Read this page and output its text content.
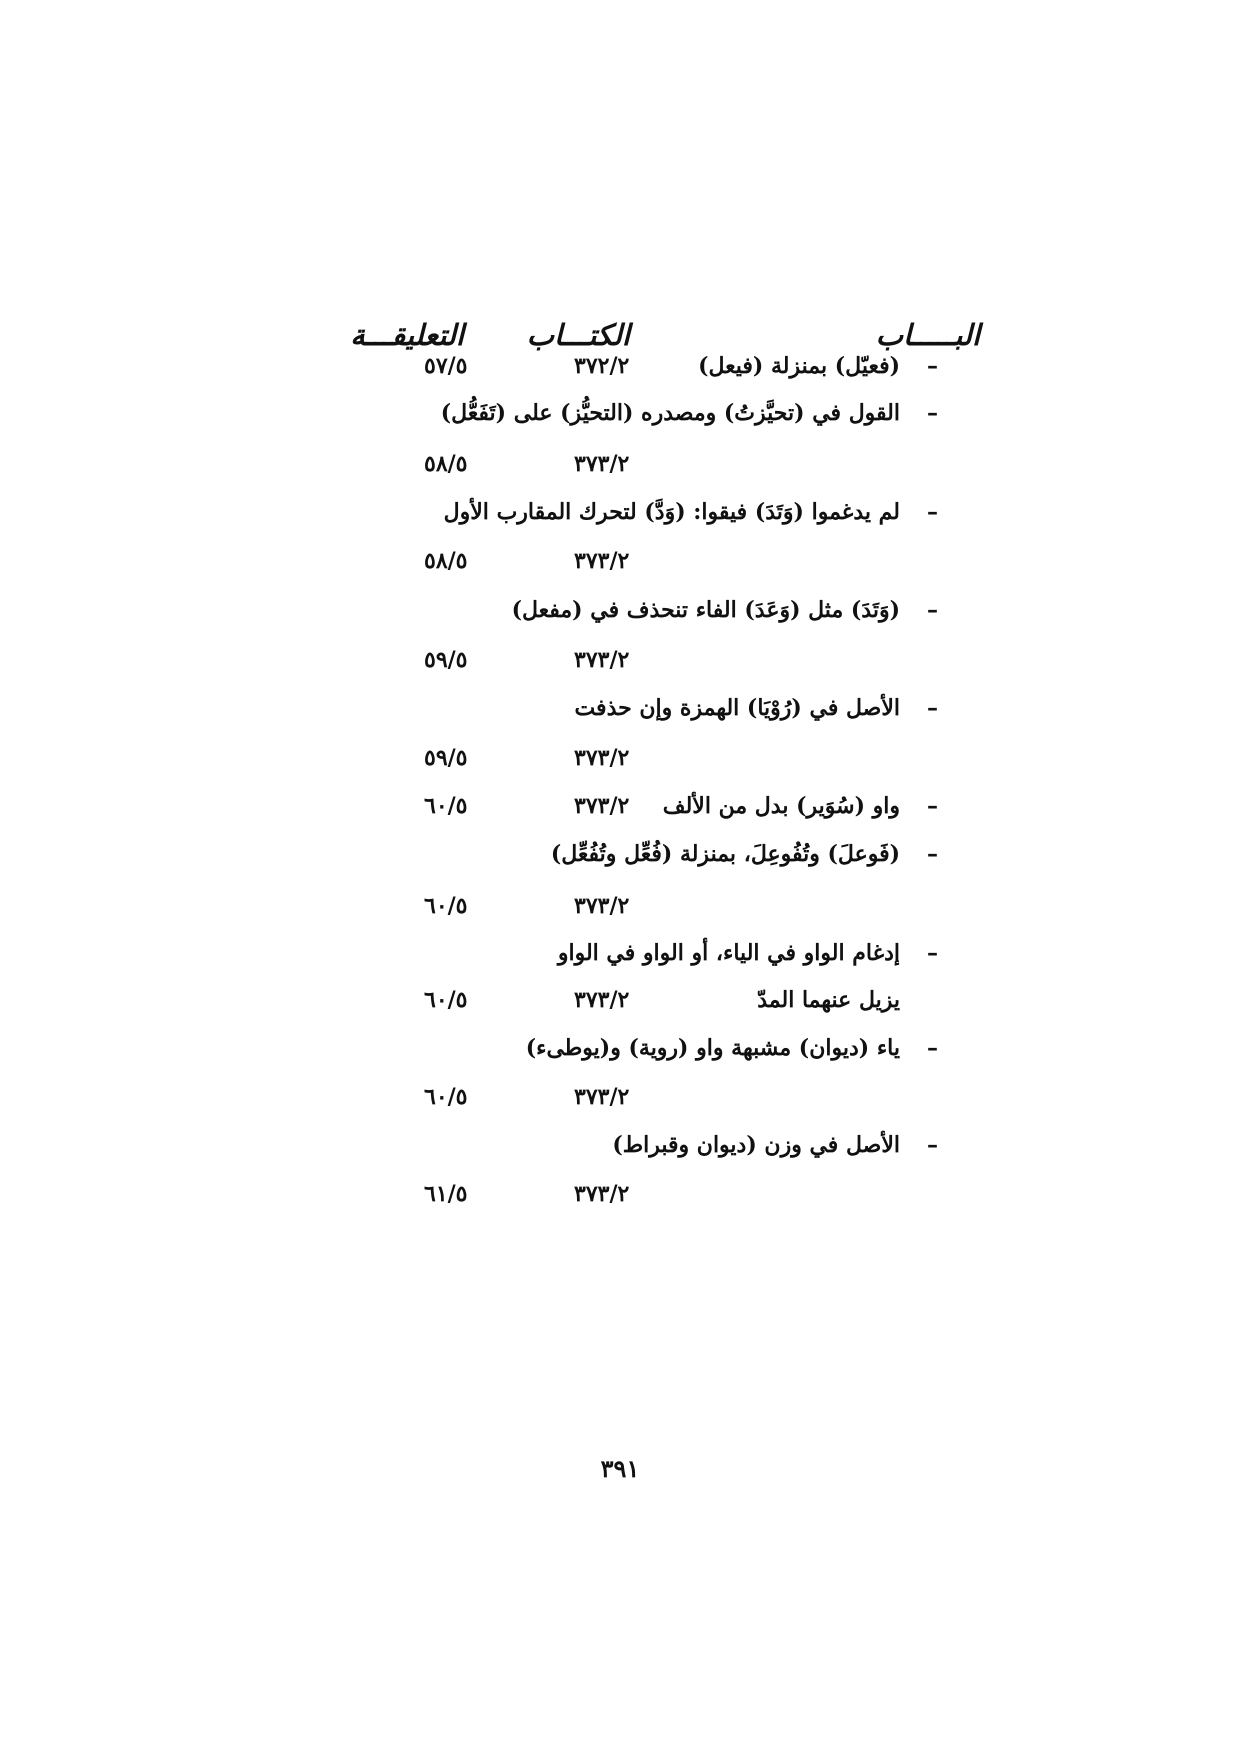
البـــــاب
الكتـــاب
التعليقـــة
–
(فعيّل) بمنزلة (فيعل)
٣٧٢/٢
٥٧/٥
–
القول في (تحيَّزتُ) ومصدره (التحيُّز) على (تَفَعُّل)
٣٧٣/٢
٥٨/٥
–
لم يدغموا (وَتَدَ) فيقوا: (وَدَّ) لتحرك المقارب الأول
٣٧٣/٢
٥٨/٥
–
(وَتَدَ) مثل (وَعَدَ) الفاء تنحذف في (مفعل)
٣٧٣/٢
٥٩/٥
–
الأصل في (رُوْيَا) الهمزة وإن حذفت
٣٧٣/٢
٥٩/٥
–
واو (سُوَير) بدل من الألف
٣٧٣/٢
٦٠/٥
–
(فَوعلَ) وتُفُوعِلَ، بمنزلة (فُعِّل وتُفُعِّل)
٣٧٣/٢
٦٠/٥
–
إدغام الواو في الياء، أو الواو في الواو
يزيل عنهما المدّ
٣٧٣/٢
٦٠/٥
–
ياء (ديوان) مشبهة واو (روية) و(يوطىء)
٣٧٣/٢
٦٠/٥
–
الأصل في وزن (ديوان وقبراط)
٣٧٣/٢
٦١/٥
٣٩١
